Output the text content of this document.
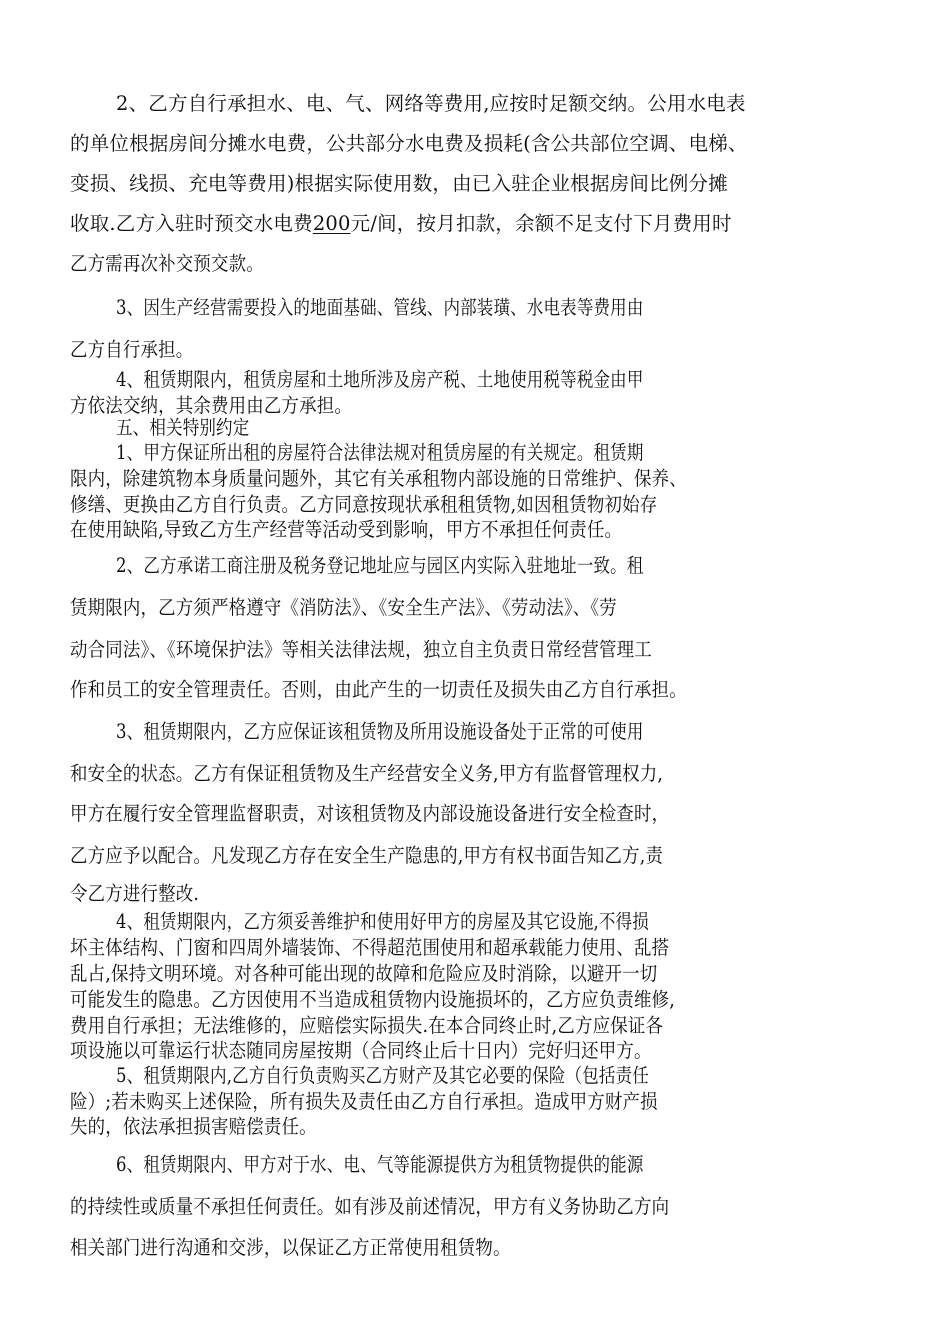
2、乙方自行承担水、电、气、网络等费用,应按时足额交纳。公用水电表
的单位根据房间分摊水电费，公共部分水电费及损耗(含公共部位空调、电梯、
变损、线损、充电等费用)根据实际使用数，由已入驻企业根据房间比例分摊
收取.乙方入驻时预交水电费200元/间，按月扣款，余额不足支付下月费用时
乙方需再次补交预交款。
3、因生产经营需要投入的地面基础、管线、内部装璜、水电表等费用由
乙方自行承担。
4、租赁期限内，租赁房屋和土地所涉及房产税、土地使用税等税金由甲
方依法交纳，其余费用由乙方承担。
五、相关特别约定
1、甲方保证所出租的房屋符合法律法规对租赁房屋的有关规定。租赁期
限内，除建筑物本身质量问题外，其它有关承租物内部设施的日常维护、保养、
修缮、更换由乙方自行负责。乙方同意按现状承租租赁物,如因租赁物初始存
在使用缺陷,导致乙方生产经营等活动受到影响，甲方不承担任何责任。
2、乙方承诺工商注册及税务登记地址应与园区内实际入驻地址一致。租
赁期限内，乙方须严格遵守《消防法》、《安全生产法》、《劳动法》、《劳
动合同法》、《环境保护法》等相关法律法规，独立自主负责日常经营管理工
作和员工的安全管理责任。否则，由此产生的一切责任及损失由乙方自行承担。
3、租赁期限内，乙方应保证该租赁物及所用设施设备处于正常的可使用
和安全的状态。乙方有保证租赁物及生产经营安全义务,甲方有监督管理权力,
甲方在履行安全管理监督职责，对该租赁物及内部设施设备进行安全检查时，
乙方应予以配合。凡发现乙方存在安全生产隐患的,甲方有权书面告知乙方,责
令乙方进行整改.
4、租赁期限内，乙方须妥善维护和使用好甲方的房屋及其它设施,不得损
坏主体结构、门窗和四周外墙装饰、不得超范围使用和超承载能力使用、乱搭
乱占,保持文明环境。对各种可能出现的故障和危险应及时消除，以避开一切
可能发生的隐患。乙方因使用不当造成租赁物内设施损坏的，乙方应负责维修,
费用自行承担；无法维修的，应赔偿实际损失.在本合同终止时,乙方应保证各
项设施以可靠运行状态随同房屋按期（合同终止后十日内）完好归还甲方。
5、租赁期限内,乙方自行负责购买乙方财产及其它必要的保险（包括责任
险）;若未购买上述保险，所有损失及责任由乙方自行承担。造成甲方财产损
失的，依法承担损害赔偿责任。
6、租赁期限内、甲方对于水、电、气等能源提供方为租赁物提供的能源
的持续性或质量不承担任何责任。如有涉及前述情况，甲方有义务协助乙方向
相关部门进行沟通和交涉，以保证乙方正常使用租赁物。
